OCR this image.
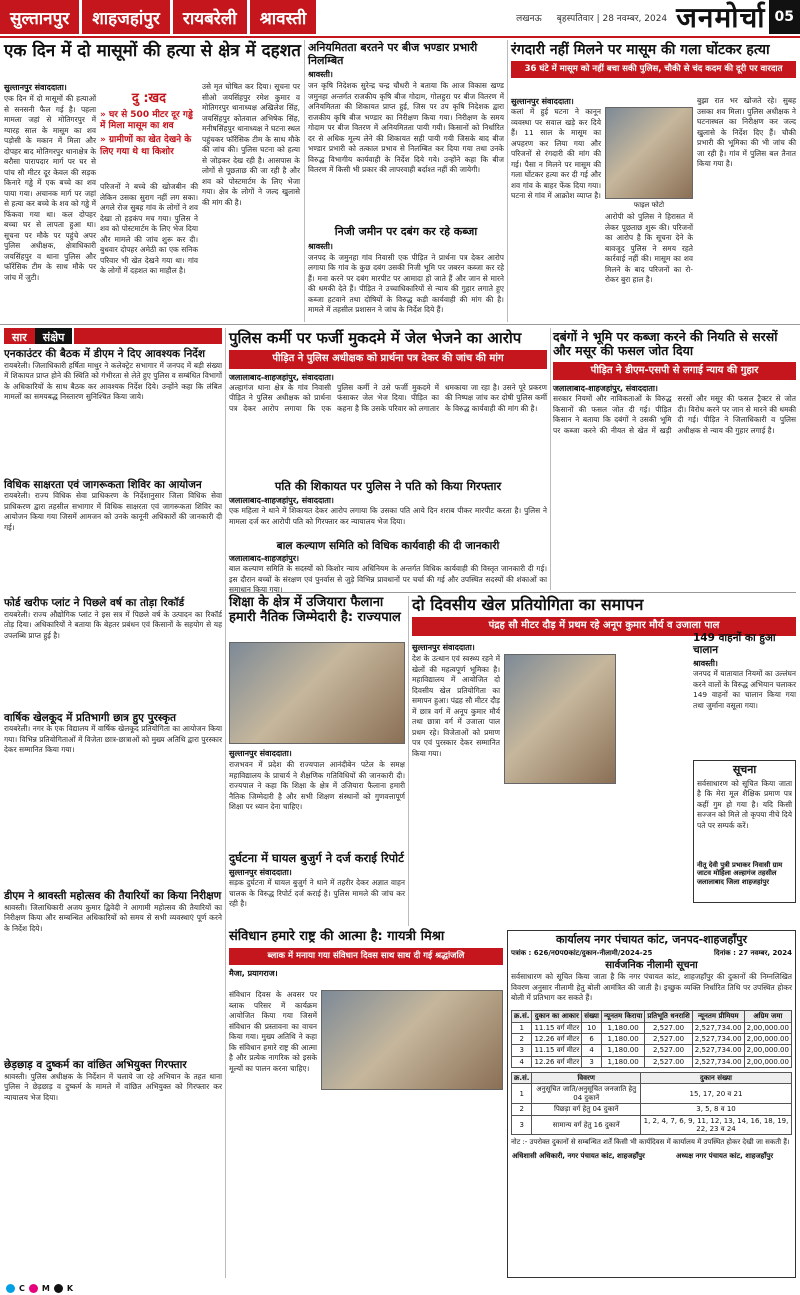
सुल्तानपुर	शाहजहांपुर	रायबरेली	श्रावस्ती	लखनऊ	बृहस्पतिवार | 28 नवम्बर, 2024 जनमोर्चा 05
एक दिन में दो मासूमों की हत्या से क्षेत्र में दहशत
सुल्तानपुर संवाददाता।
एक दिन में दो मासूमों की हत्याओं से सनसनी फैल गई है। पहला मामला जहां से मोतिगरपुर में ग्यारह साल के मासूम का शव पड़ोसी के मकान में मिला और दोपहर बाद मोतिगरपुर थानाक्षेत्र के बरौसा पारापदार मार्ग पर घर से पांच सौ मीटर दूर केवल की सड़क किनारे गड्ढे में एक बच्चे का शव पाया गया। अचानक मार्ग पर जहां से हत्या कर बच्चे के शव को गड्ढे में फिंकवा गया था। कल दोपहर बच्चा घर से लापता हुआ था। सूचना पर मौके पर पहुंचे अपर पुलिस अधीक्षक, क्षेत्राधिकारी जयसिंहपुर व थाना पुलिस और फॉरेंसिक टीम के साथ मौके पर जांच में जुटी।
दु :खद
» घर से 500 मीटर दूर गड्ढे में मिला मासूम का शव
» ग्रामीणों का खेत देखने के लिए गया थे था किशोर
परिजनों ने बच्चे की खोजबीन की लेकिन उसका सुराग नहीं लग सका। अगले रोज सुबह गांव के लोगों ने शव देखा तो हड़कंप मच गया। पुलिस ने शव को पोस्टमार्टम के लिए भेज दिया और मामले की जांच शुरू कर दी। बुधवार दोपहर अमेठी का एक सनिक परिवार भी खेत देखने गया था। गांव के लोगों में दहशत का माहौल है।
उसे मृत घोषित कर दिया। सूचना पर सीओ जयसिंहपुर रमेश कुमार व मोतिगरपुर थानाध्यक्ष अखिलेश सिंह, जयसिंहपुर कोतवाल अभिषेक सिंह, मनीषसिंहपुर थानाध्यक्ष ने घटना स्थल पहुंचकर फॉरेंसिक टीम के साथ मौके की जांच की। पुलिस घटना को हत्या से जोड़कर देख रही है। आसपास के लोगों से पूछताछ की जा रही है और शव को पोस्टमार्टम के लिए भेजा गया। क्षेत्र के लोगों ने जल्द खुलासे की मांग की है।
अनियमितता बरतने पर बीज भण्डार प्रभारी निलम्बित
श्रावस्ती।
जन कृषि निदेशक सुरेन्द्र चन्द्र चौधरी ने बताया कि आज विकास खण्ड जमुनहा अन्तर्गत राजकीय कृषि बीज गोदाम, गोलहुरा पर बीज वितरण में अनियमितता की शिकायत प्राप्त हुई, जिस पर उप कृषि निदेशक द्वारा राजकीय कृषि बीज भण्डार का निरीक्षण किया गया। निरीक्षण के समय गोदाम पर बीज वितरण में अनियमितता पायी गयी। किसानों को निर्धारित दर से अधिक मूल्य लेने की शिकायत सही पायी गयी जिसके बाद बीज भण्डार प्रभारी को तत्काल प्रभाव से निलम्बित कर दिया गया तथा उनके विरुद्ध विभागीय कार्यवाही के निर्देश दिये गये। उन्होंने कहा कि बीज वितरण में किसी भी प्रकार की लापरवाही बर्दाश्त नहीं की जायेगी।
निजी जमीन पर दबंग कर रहे कब्जा
श्रावस्ती।
जनपद के जमुनहा गांव निवासी एक पीड़ित ने प्रार्थना पत्र देकर आरोप लगाया कि गांव के कुछ दबंग उसकी निजी भूमि पर जबरन कब्जा कर रहे हैं। मना करने पर दबंग मारपीट पर आमादा हो जाते हैं और जान से मारने की धमकी देते हैं। पीड़ित ने उच्चाधिकारियों से न्याय की गुहार लगाते हुए कब्जा हटवाने तथा दोषियों के विरुद्ध कड़ी कार्यवाही की मांग की है। मामले में तहसील प्रशासन ने जांच के निर्देश दिये हैं।
रंगदारी नहीं मिलने पर मासूम की गला घोंटकर हत्या
36 घंटे में मासूम को नहीं बचा सकी पुलिस, चौकी से चंद कदम की दूरी पर वारदात
सुल्तानपुर संवाददाता।
कलां में हुई घटना ने कानून व्यवस्था पर सवाल खड़े कर दिये हैं। 11 साल के मासूम का अपहरण कर लिया गया और परिजनों से रंगदारी की मांग की गई। पैसा न मिलने पर मासूम की गला घोंटकर हत्या कर दी गई और शव गांव के बाहर फेंक दिया गया। घटना से गांव में आक्रोश व्याप्त है।
फाइल फोटो
आरोपी को पुलिस ने हिरासत में लेकर पूछताछ शुरू की। परिजनों का आरोप है कि सूचना देने के बावजूद पुलिस ने समय रहते कार्रवाई नहीं की। मासूम का शव मिलने के बाद परिजनों का रो-रोकर बुरा हाल है।
बुझा रात भर खोजते रहे। सुबह उसका शव मिला। पुलिस अधीक्षक ने घटनास्थल का निरीक्षण कर जल्द खुलासे के निर्देश दिए हैं। चौकी प्रभारी की भूमिका की भी जांच की जा रही है। गांव में पुलिस बल तैनात किया गया है।
सार	संक्षेप
एनकाउंटर की बैठक में डीएम ने दिए आवश्यक निर्देश
रायबरेली। जिलाधिकारी हर्षिता माथुर ने कलेक्ट्रेट सभागार में जनपद में बड़ी संख्या में शिकायत प्राप्त होने की स्थिति को गंभीरता से लेते हुए पुलिस व सम्बंधित विभागों के अधिकारियों के साथ बैठक कर आवश्यक निर्देश दिये। उन्होंने कहा कि लंबित मामलों का समयबद्ध निस्तारण सुनिश्चित किया जाये।
विधिक साक्षरता एवं जागरूकता शिविर का आयोजन
रायबरेली। राज्य विधिक सेवा प्राधिकरण के निर्देशानुसार जिला विधिक सेवा प्राधिकरण द्वारा तहसील सभागार में विधिक साक्षरता एवं जागरूकता शिविर का आयोजन किया गया जिसमें आमजन को उनके कानूनी अधिकारों की जानकारी दी गई।
फोर्ड खरीफ प्लांट ने पिछले वर्ष का तोड़ा रिकॉर्ड
रायबरेली। राज्य औद्योगिक प्लांट ने इस सत्र में पिछले वर्ष के उत्पादन का रिकॉर्ड तोड़ दिया। अधिकारियों ने बताया कि बेहतर प्रबंधन एवं किसानों के सहयोग से यह उपलब्धि प्राप्त हुई है।
वार्षिक खेलकूद में प्रतिभागी छात्र हुए पुरस्कृत
रायबरेली। नगर के एक विद्यालय में वार्षिक खेलकूद प्रतियोगिता का आयोजन किया गया। विभिन्न प्रतियोगिताओं में विजेता छात्र-छात्राओं को मुख्य अतिथि द्वारा पुरस्कार देकर सम्मानित किया गया।
डीएम ने श्रावस्ती महोत्सव की तैयारियों का किया निरीक्षण
श्रावस्ती। जिलाधिकारी अजय कुमार द्विवेदी ने आगामी महोत्सव की तैयारियों का निरीक्षण किया और सम्बन्धित अधिकारियों को समय से सभी व्यवस्थाएं पूर्ण करने के निर्देश दिये।
छेड़छाड़ व दुष्कर्म का वांछित अभियुक्त गिरफ्तार
श्रावस्ती। पुलिस अधीक्षक के निर्देशन में चलाये जा रहे अभियान के तहत थाना पुलिस ने छेड़छाड़ व दुष्कर्म के मामले में वांछित अभियुक्त को गिरफ्तार कर न्यायालय भेज दिया।
पुलिस कर्मी पर फर्जी मुकदमे में जेल भेजने का आरोप
पीड़ित ने पुलिस अधीक्षक को प्रार्थना पत्र देकर की जांच की मांग
जलालाबाद-शाहजहांपुर, संवाददाता।
अल्हागंज थाना क्षेत्र के गांव निवासी पीड़ित ने पुलिस अधीक्षक को प्रार्थना पत्र देकर आरोप लगाया कि एक पुलिस कर्मी ने उसे फर्जी मुकदमे में फंसाकर जेल भेज दिया। पीड़ित का कहना है कि उसके परिवार को लगातार धमकाया जा रहा है। उसने पूरे प्रकरण की निष्पक्ष जांच कर दोषी पुलिस कर्मी के विरुद्ध कार्यवाही की मांग की है।
पति की शिकायत पर पुलिस ने पति को किया गिरफ्तार
जलालाबाद-शाहजहांपुर, संवाददाता।
एक महिला ने थाने में शिकायत देकर आरोप लगाया कि उसका पति आये दिन शराब पीकर मारपीट करता है। पुलिस ने मामला दर्ज कर आरोपी पति को गिरफ्तार कर न्यायालय भेज दिया।
दबंगों ने भूमि पर कब्जा करने की नियति से सरसों और मसूर की फसल जोत दिया
पीड़ित ने डीएम-एसपी से लगाई न्याय की गुहार
जलालाबाद-शाहजहांपुर, संवाददाता।
सरकार नियमों और नाविकताओं के विरुद्ध किसानों की फसल जोत दी गई। पीड़ित किसान ने बताया कि दबंगों ने उसकी भूमि पर कब्जा करने की नीयत से खेत में खड़ी सरसों और मसूर की फसल ट्रैक्टर से जोत दी। विरोध करने पर जान से मारने की धमकी दी गई। पीड़ित ने जिलाधिकारी व पुलिस अधीक्षक से न्याय की गुहार लगाई है।
शिक्षा के क्षेत्र में उजियारा फैलाना हमारी नैतिक जिम्मेदारी है: राज्यपाल
सुल्तानपुर संवाददाता।
राजभवन में प्रदेश की राज्यपाल आनंदीबेन पटेल के समक्ष महाविद्यालय के प्राचार्य ने शैक्षणिक गतिविधियों की जानकारी दी। राज्यपाल ने कहा कि शिक्षा के क्षेत्र में उजियारा फैलाना हमारी नैतिक जिम्मेदारी है और सभी शिक्षण संस्थानों को गुणवत्तापूर्ण शिक्षा पर ध्यान देना चाहिए।
दुर्घटना में घायल बुजुर्ग ने दर्ज कराई रिपोर्ट
सुल्तानपुर संवाददाता।
सड़क दुर्घटना में घायल बुजुर्ग ने थाने में तहरीर देकर अज्ञात वाहन चालक के विरुद्ध रिपोर्ट दर्ज कराई है। पुलिस मामले की जांच कर रही है।
संविधान हमारे राष्ट्र की आत्मा है: गायत्री मिश्रा
ब्लाक में मनाया गया संविधान दिवस साथ साथ दी गई श्रद्धांजलि
मैजा, प्रयागराज।
संविधान दिवस के अवसर पर ब्लाक परिसर में कार्यक्रम आयोजित किया गया जिसमें संविधान की प्रस्तावना का वाचन किया गया। मुख्य अतिथि ने कहा कि संविधान हमारे राष्ट्र की आत्मा है और प्रत्येक नागरिक को इसके मूल्यों का पालन करना चाहिए।
दो दिवसीय खेल प्रतियोगिता का समापन
पंद्रह सौ मीटर दौड़ में प्रथम रहे अनूप कुमार मौर्य व उजाला पाल
सुल्तानपुर संवाददाता।
देश के उत्थान एवं स्वस्थ्य रहने में खेलों की महत्वपूर्ण भूमिका है। महाविद्यालय में आयोजित दो दिवसीय खेल प्रतियोगिता का समापन हुआ। पंद्रह सौ मीटर दौड़ में छात्र वर्ग में अनूप कुमार मौर्य तथा छात्रा वर्ग में उजाला पाल प्रथम रहे। विजेताओं को प्रमाण पत्र एवं पुरस्कार देकर सम्मानित किया गया।
149 वाहनों का हुआ चालान
श्रावस्ती।
जनपद में यातायात नियमों का उल्लंघन करने वालों के विरुद्ध अभियान चलाकर 149 वाहनों का चालान किया गया तथा जुर्माना वसूला गया।
सूचना
सर्वसाधारण को सूचित किया जाता है कि मेरा मूल शैक्षिक प्रमाण पत्र कहीं गुम हो गया है। यदि किसी सज्जन को मिले तो कृपया नीचे दिये पते पर सम्पर्क करें।
नीतू देवी पुत्री प्रभाकर निवासी ग्राम जाटव मोहिला अल्हागंज तहसील जलालाबाद जिला शाहजहांपुर
कार्यालय नगर पंचायत कांट, जनपद-शाहजहाँपुर
पत्रांक : 626/न0प0कांट/दुकान-नीलामी/2024-25	दिनांक : 27 नवम्बर, 2024
सार्वजनिक नीलामी सूचना
सर्वसाधारण को सूचित किया जाता है कि नगर पंचायत कांट, शाहजहाँपुर की दुकानों की निम्नलिखित विवरण अनुसार नीलामी हेतु बोली आमंत्रित की जाती है। इच्छुक व्यक्ति निर्धारित तिथि पर उपस्थित होकर बोली में प्रतिभाग कर सकते हैं।
क्र.सं.	दुकान का आकार	संख्या	न्यूनतम किराया	प्रतिभूति धनराशि	न्यूनतम प्रीमियम	अग्रिम जमा
1	11.15 वर्ग मीटर	10	1,180.00	2,527.00	2,527,734.00	2,00,000.00
2	12.26 वर्ग मीटर	6	1,180.00	2,527.00	2,527,734.00	2,00,000.00
3	11.15 वर्ग मीटर	4	1,180.00	2,527.00	2,527,734.00	2,00,000.00
4	12.26 वर्ग मीटर	3	1,180.00	2,527.00	2,527,734.00	2,00,000.00
क्र.सं.	विवरण	दुकान संख्या
1	अनुसूचित जाति/अनुसूचित जनजाति हेतु 04 दुकानें	15, 17, 20 व 21
2	पिछड़ा वर्ग हेतु 04 दुकानें	3, 5, 8 व 10
3	सामान्य वर्ग हेतु 16 दुकानें	1, 2, 4, 7, 6, 9, 11, 12, 13, 14, 16, 18, 19, 22, 23 व 24
नोट :- उपरोक्त दुकानों से सम्बन्धित शर्तें किसी भी कार्यदिवस में कार्यालय में उपस्थित होकर देखी जा सकती हैं।
अधिशासी अधिकारी, नगर पंचायत कांट, शाहजहाँपुर	अध्यक्ष नगर पंचायत कांट, शाहजहाँपुर
बाल कल्याण समिति को विधिक कार्यवाही की दी जानकारी
जलालाबाद-शाहजहांपुर।
बाल कल्याण समिति के सदस्यों को किशोर न्याय अधिनियम के अन्तर्गत विधिक कार्यवाही की विस्तृत जानकारी दी गई। इस दौरान बच्चों के संरक्षण एवं पुनर्वास से जुड़े विभिन्न प्रावधानों पर चर्चा की गई और उपस्थित सदस्यों की शंकाओं का समाधान किया गया।
C M K
